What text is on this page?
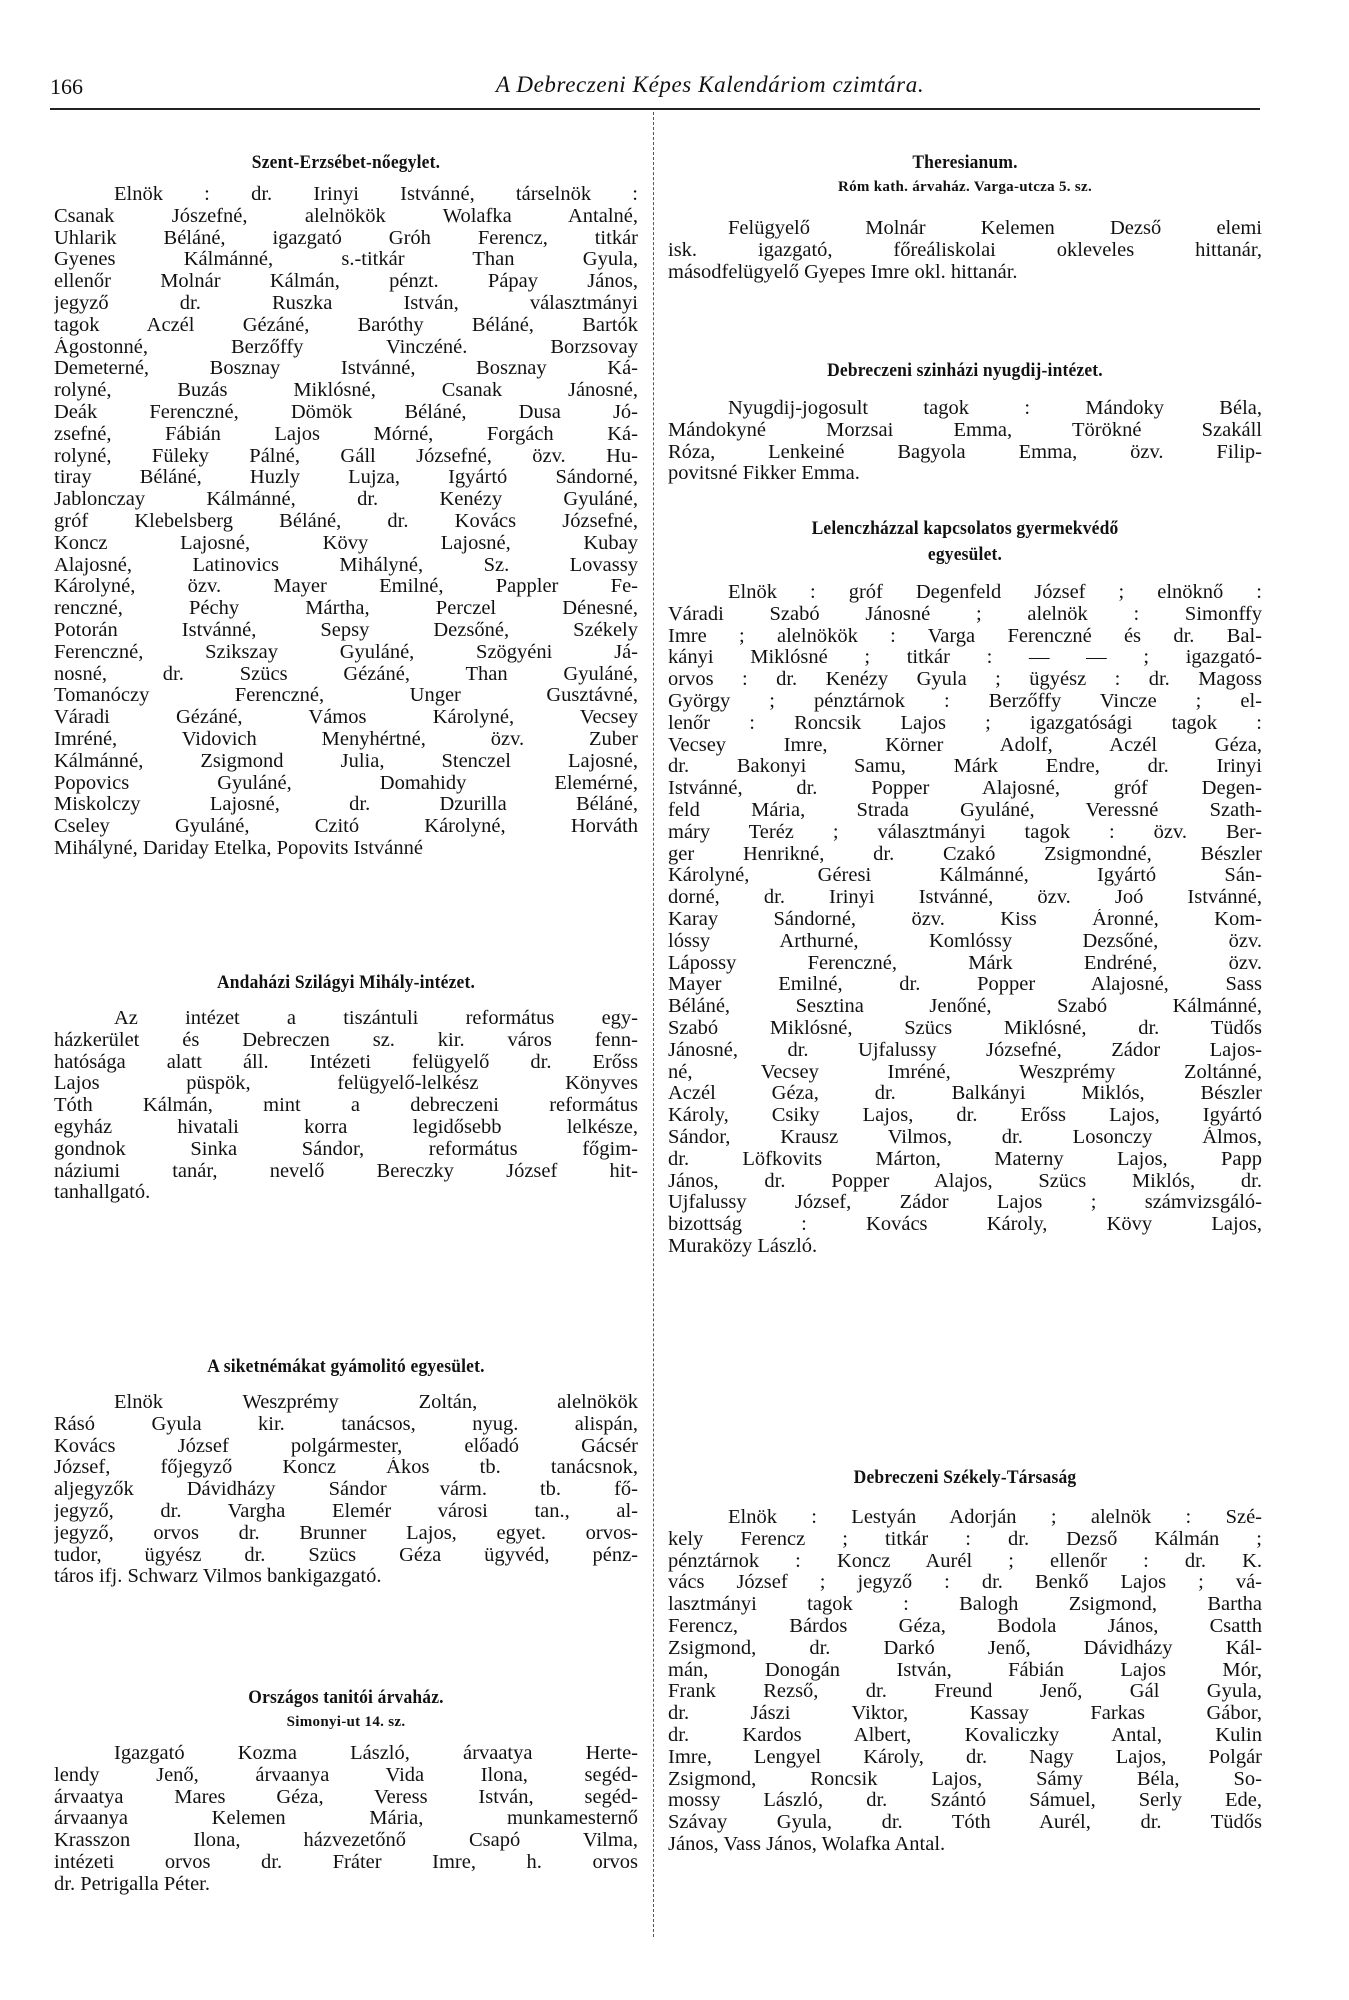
166	A Debreczeni Képes Kalendáriom czimtára.
Szent-Erzsébet-nőegylet.
Elnök : dr. Irinyi Istvánné, társelnök :
Csanak Jószefné, alelnökök Wolafka Antalné,
Uhlarik Béláné, igazgató Gróh Ferencz, titkár
Gyenes Kálmánné, s.-titkár Than Gyula,
ellenőr Molnár Kálmán, pénzt. Pápay János,
jegyző dr. Ruszka István, választmányi
tagok Aczél Gézáné, Baróthy Béláné, Bartók
Ágostonné, Berzőffy Vinczéné. Borzsovay
Demeterné, Bosznay Istvánné, Bosznay Ká-
rolyné, Buzás Miklósné, Csanak Jánosné,
Deák Ferenczné, Dömök Béláné, Dusa Jó-
zsefné, Fábián Lajos Mórné, Forgách Ká-
rolyné, Füleky Pálné, Gáll Józsefné, özv. Hu-
tiray Béláné, Huzly Lujza, Igyártó Sándorné,
Jablonczay Kálmánné, dr. Kenézy Gyuláné,
gróf Klebelsberg Béláné, dr. Kovács Józsefné,
Koncz Lajosné, Kövy Lajosné, Kubay
Alajosné, Latinovics Mihályné, Sz. Lovassy
Károlyné, özv. Mayer Emilné, Pappler Fe-
renczné, Péchy Mártha, Perczel Dénesné,
Potorán Istvánné, Sepsy Dezsőné, Székely
Ferenczné, Szikszay Gyuláné, Szögyéni Já-
nosné, dr. Szücs Gézáné, Than Gyuláné,
Tomanóczy Ferenczné, Unger Gusztávné,
Váradi Gézáné, Vámos Károlyné, Vecsey
Imréné, Vidovich Menyhértné, özv. Zuber
Kálmánné, Zsigmond Julia, Stenczel Lajosné,
Popovics Gyuláné, Domahidy Elemérné,
Miskolczy Lajosné, dr. Dzurilla Béláné,
Cseley Gyuláné, Czitó Károlyné, Horváth
Mihályné, Dariday Etelka, Popovits Istvánné
Andaházi Szilágyi Mihály-intézet.
Az intézet a tiszántuli református egy-
házkerület és Debreczen sz. kir. város fenn-
hatósága alatt áll. Intézeti felügyelő dr. Erőss
Lajos püspök, felügyelő-lelkész Könyves
Tóth Kálmán, mint a debreczeni református
egyház hivatali korra legidősebb lelkésze,
gondnok Sinka Sándor, református főgim-
náziumi tanár, nevelő Bereczky József hit-
tanhallgató.
A siketnémákat gyámolitó egyesület.
Elnök Weszprémy Zoltán, alelnökök
Rásó Gyula kir. tanácsos, nyug. alispán,
Kovács József polgármester, előadó Gácsér
József, főjegyző Koncz Ákos tb. tanácsnok,
aljegyzők Dávidházy Sándor várm. tb. fő-
jegyző, dr. Vargha Elemér városi tan., al-
jegyző, orvos dr. Brunner Lajos, egyet. orvos-
tudor, ügyész dr. Szücs Géza ügyvéd, pénz-
táros ifj. Schwarz Vilmos bankigazgató.
Országos tanitói árvaház.
Simonyi-ut 14. sz.
Igazgató Kozma László, árvaatya Herte-
lendy Jenő, árvaanya Vida Ilona, segéd-
árvaatya Mares Géza, Veress István, segéd-
árvaanya Kelemen Mária, munkamesternő
Krasszon Ilona, házvezetőnő Csapó Vilma,
intézeti orvos dr. Fráter Imre, h. orvos
dr. Petrigalla Péter.
Theresianum.
Róm kath. árvaház. Varga-utcza 5. sz.
Felügyelő Molnár Kelemen Dezső elemi
isk. igazgató, főreáliskolai okleveles hittanár,
másodfelügyelő Gyepes Imre okl. hittanár.
Debreczeni szinházi nyugdij-intézet.
Nyugdij-jogosult tagok : Mándoky Béla,
Mándokyné Morzsai Emma, Törökné Szakáll
Róza, Lenkeiné Bagyola Emma, özv. Filip-
povitsné Fikker Emma.
Lelenczházzal kapcsolatos gyermekvédő
egyesület.
Elnök : gróf Degenfeld József ; elnöknő :
Váradi Szabó Jánosné ; alelnök : Simonffy
Imre ; alelnökök : Varga Ferenczné és dr. Bal-
kányi Miklósné ; titkár : — — ; igazgató-
orvos : dr. Kenézy Gyula ; ügyész : dr. Magoss
György ; pénztárnok : Berzőffy Vincze ; el-
lenőr : Roncsik Lajos ; igazgatósági tagok :
Vecsey Imre, Körner Adolf, Aczél Géza,
dr. Bakonyi Samu, Márk Endre, dr. Irinyi
Istvánné, dr. Popper Alajosné, gróf Degen-
feld Mária, Strada Gyuláné, Veressné Szath-
máry Teréz ; választmányi tagok : özv. Ber-
ger Henrikné, dr. Czakó Zsigmondné, Bészler
Károlyné, Géresi Kálmánné, Igyártó Sán-
dorné, dr. Irinyi Istvánné, özv. Joó Istvánné,
Karay Sándorné, özv. Kiss Áronné, Kom-
lóssy Arthurné, Komlóssy Dezsőné, özv.
Lápossy Ferenczné, Márk Endréné, özv.
Mayer Emilné, dr. Popper Alajosné, Sass
Béláné, Sesztina Jenőné, Szabó Kálmánné,
Szabó Miklósné, Szücs Miklósné, dr. Tüdős
Jánosné, dr. Ujfalussy Józsefné, Zádor Lajos-
né, Vecsey Imréné, Weszprémy Zoltánné,
Aczél Géza, dr. Balkányi Miklós, Bészler
Károly, Csiky Lajos, dr. Erőss Lajos, Igyártó
Sándor, Krausz Vilmos, dr. Losonczy Álmos,
dr. Löfkovits Márton, Materny Lajos, Papp
János, dr. Popper Alajos, Szücs Miklós, dr.
Ujfalussy József, Zádor Lajos ; számvizsgáló-
bizottság : Kovács Károly, Kövy Lajos,
Muraközy László.
Debreczeni Székely-Társaság
Elnök : Lestyán Adorján ; alelnök : Szé-
kely Ferencz ; titkár : dr. Dezső Kálmán ;
pénztárnok : Koncz Aurél ; ellenőr : dr. K.
vács József ; jegyző : dr. Benkő Lajos ; vá-
lasztmányi tagok : Balogh Zsigmond, Bartha
Ferencz, Bárdos Géza, Bodola János, Csatth
Zsigmond, dr. Darkó Jenő, Dávidházy Kál-
mán, Donogán István, Fábián Lajos Mór,
Frank Rezső, dr. Freund Jenő, Gál Gyula,
dr. Jászi Viktor, Kassay Farkas Gábor,
dr. Kardos Albert, Kovaliczky Antal, Kulin
Imre, Lengyel Károly, dr. Nagy Lajos, Polgár
Zsigmond, Roncsik Lajos, Sámy Béla, So-
mossy László, dr. Szántó Sámuel, Serly Ede,
Szávay Gyula, dr. Tóth Aurél, dr. Tüdős
János, Vass János, Wolafka Antal.
